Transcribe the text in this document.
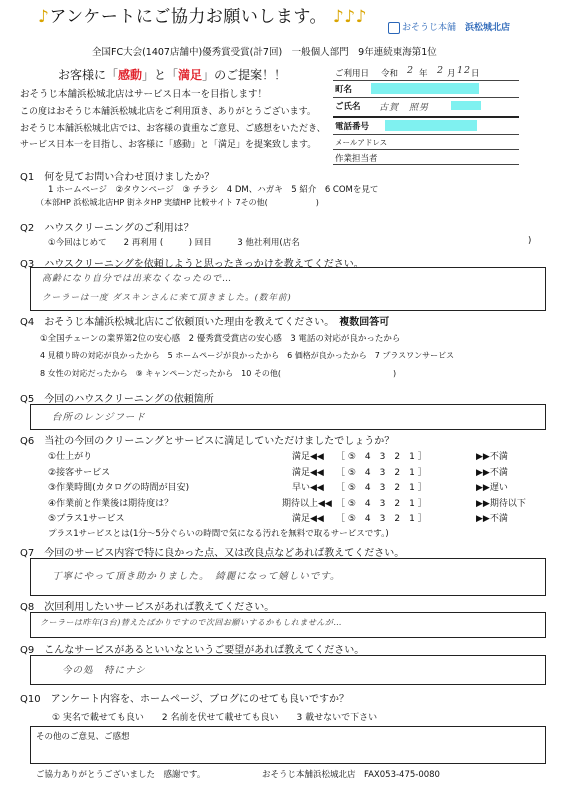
♪アンケートにご協力お願いします。 ♪♪♪
おそうじ本舗　 浜松城北店
全国FC大会(1407店舗中)優秀賞受賞(計7回)　一般個人部門　9年連続東海第1位
お客様に「感動」と「満足」のご提案！！
おそうじ本舗浜松城北店はサービス日本一を目指します！
この度はおそうじ本舗浜松城北店をご利用頂き、ありがとうございます。
おそうじ本舗浜松城北店では、お客様の貴重なご意見、ご感想をいただき、
サービス日本一を目指し、お客様に「感動」と「満足」を提案致します。
ご利用日 令和 2 年 2 月 12 日
町名
ご氏名 古賀　照男
電話番号
メールアドレス
作業担当者
Q1　 何を見てお問い合わせ頂けましたか？
1 ホームページ　②タウンページ　③ チラシ　4 DM、ハガキ　5 紹介　6 COMを見て
（本部HP 浜松城北店HP 街ネタHP 実績HP 比較サイト 7その他(　　　　　　)
Q2　 ハウスクリーニングのご利用は？
①今回はじめて　　2 再利用 (　　　) 回目　　　3 他社利用(店名	)
Q3　 ハウスクリーニングを依頼しようと思ったきっかけを教えてください。
高齢になり自分では出来なくなったので…
クーラーは一度 ダスキンさんに来て頂きました。(数年前)
Q4　 おそうじ本舗浜松城北店にご依頼頂いた理由を教えてください。　 複数回答可
①全国チェーンの業界第2位の安心感　2 優秀賞受賞店の安心感　3 電話の対応が良かったから
4 見積り時の対応が良かったから　5 ホームページが良かったから　6 価格が良かったから　7 プラスワンサービス
8 女性の対応だったから　⑨ キャンペーンだったから　10 その他(　　　　　　　　　　　　　　)
Q5　 今回のハウスクリーニングの依頼箇所
台所のレンジフード
Q6　 当社の今回のクリーニングとサービスに満足していただけましたでしょうか？
①仕上がり	満足◀◀ ［ ⑤　4　3　2　1 ］	▶▶不満
②接客サービス	満足◀◀ ［ ⑤　4　3　2　1 ］	▶▶不満
③作業時間(カタログの時間が目安)	早い◀◀ ［ ⑤　4　3　2　1 ］	▶▶遅い
④作業前と作業後は期待度は？	期待以上◀◀ ［ ⑤　4　3　2　1 ］	▶▶期待以下
⑤プラス1サービス	満足◀◀ ［ ⑤　4　3　2　1 ］	▶▶不満
プラス1サービスとは(1分～5分ぐらいの時間で気になる汚れを無料で取るサービスです。)
Q7　 今回のサービス内容で特に良かった点、又は改良点などあれば教えてください。
丁寧にやって頂き助かりました。　綺麗になって嬉しいです。
Q8　 次回利用したいサービスがあれば教えてください。
クーラーは昨年(3台)替えたばかりですので次回お願いするかもしれませんが…
Q9　 こんなサービスがあるといいなというご要望があれば教えてください。
今の処　特にナシ
Q10　 アンケート内容を、ホームページ、ブログにのせても良いですか？
① 実名で載せても良い　　2 名前を伏せて載せても良い　　3 載せないで下さい
その他のご意見、ご感想
ご協力ありがとうございました　感謝です。	おそうじ本舗浜松城北店　FAX053-475-0080
